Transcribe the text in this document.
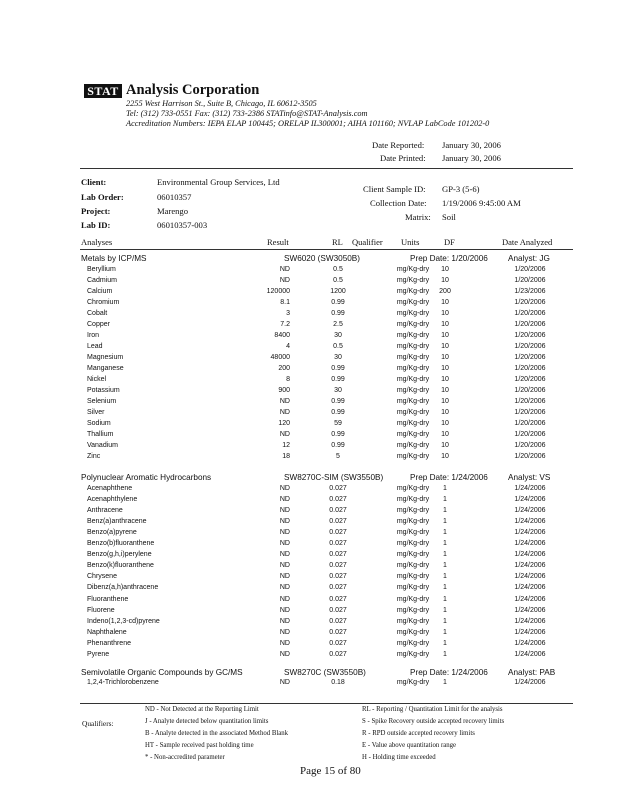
STAT Analysis Corporation
2255 West Harrison St., Suite B, Chicago, IL 60612-3505
Tel: (312) 733-0551 Fax: (312) 733-2386 STATinfo@STAT-Analysis.com
Accreditation Numbers: IEPA ELAP 100445; ORELAP IL300001; AIHA 101160; NVLAP LabCode 101202-0
Date Reported: January 30, 2006
Date Printed: January 30, 2006
Client:	Environmental Group Services, Ltd
Lab Order:	06010357
Project:	Marengo
Lab ID:	06010357-003
Client Sample ID: GP-3 (5-6)
Collection Date: 1/19/2006 9:45:00 AM
Matrix: Soil
Analyses	Result	RL Qualifier Units	DF	Date Analyzed
Metals by ICP/MS	SW6020 (SW3050B)	Prep Date: 1/20/2006 Analyst: JG
Beryllium	ND	0.5	mg/Kg-dry	10	1/20/2006
Cadmium	ND	0.5	mg/Kg-dry	10	1/20/2006
Calcium	120000	1200	mg/Kg-dry	200	1/23/2006
Chromium	8.1	0.99	mg/Kg-dry	10	1/20/2006
Cobalt	3	0.99	mg/Kg-dry	10	1/20/2006
Copper	7.2	2.5	mg/Kg-dry	10	1/20/2006
Iron	8400	30	mg/Kg-dry	10	1/20/2006
Lead	4	0.5	mg/Kg-dry	10	1/20/2006
Magnesium	48000	30	mg/Kg-dry	10	1/20/2006
Manganese	200	0.99	mg/Kg-dry	10	1/20/2006
Nickel	8	0.99	mg/Kg-dry	10	1/20/2006
Potassium	900	30	mg/Kg-dry	10	1/20/2006
Selenium	ND	0.99	mg/Kg-dry	10	1/20/2006
Silver	ND	0.99	mg/Kg-dry	10	1/20/2006
Sodium	120	59	mg/Kg-dry	10	1/20/2006
Thallium	ND	0.99	mg/Kg-dry	10	1/20/2006
Vanadium	12	0.99	mg/Kg-dry	10	1/20/2006
Zinc	18	5	mg/Kg-dry	10	1/20/2006
Polynuclear Aromatic Hydrocarbons	SW8270C-SIM (SW3550B)	Prep Date: 1/24/2006 Analyst: VS
Acenaphthene	ND	0.027	mg/Kg-dry	1	1/24/2006
Acenaphthylene	ND	0.027	mg/Kg-dry	1	1/24/2006
Anthracene	ND	0.027	mg/Kg-dry	1	1/24/2006
Benz(a)anthracene	ND	0.027	mg/Kg-dry	1	1/24/2006
Benzo(a)pyrene	ND	0.027	mg/Kg-dry	1	1/24/2006
Benzo(b)fluoranthene	ND	0.027	mg/Kg-dry	1	1/24/2006
Benzo(g,h,i)perylene	ND	0.027	mg/Kg-dry	1	1/24/2006
Benzo(k)fluoranthene	ND	0.027	mg/Kg-dry	1	1/24/2006
Chrysene	ND	0.027	mg/Kg-dry	1	1/24/2006
Dibenz(a,h)anthracene	ND	0.027	mg/Kg-dry	1	1/24/2006
Fluoranthene	ND	0.027	mg/Kg-dry	1	1/24/2006
Fluorene	ND	0.027	mg/Kg-dry	1	1/24/2006
Indeno(1,2,3-cd)pyrene	ND	0.027	mg/Kg-dry	1	1/24/2006
Naphthalene	ND	0.027	mg/Kg-dry	1	1/24/2006
Phenanthrene	ND	0.027	mg/Kg-dry	1	1/24/2006
Pyrene	ND	0.027	mg/Kg-dry	1	1/24/2006
Semivolatile Organic Compounds by GC/MS	SW8270C (SW3550B)	Prep Date: 1/24/2006 Analyst: PAB
1,2,4-Trichlorobenzene	ND	0.18	mg/Kg-dry	1	1/24/2006
Qualifiers:
ND - Not Detected at the Reporting Limit
J - Analyte detected below quantitation limits
B - Analyte detected in the associated Method Blank
HT - Sample received past holding time
* - Non-accredited parameter
RL - Reporting / Quantitation Limit for the analysis
S - Spike Recovery outside accepted recovery limits
R - RPD outside accepted recovery limits
E - Value above quantitation range
H - Holding time exceeded
Page 15 of 80
